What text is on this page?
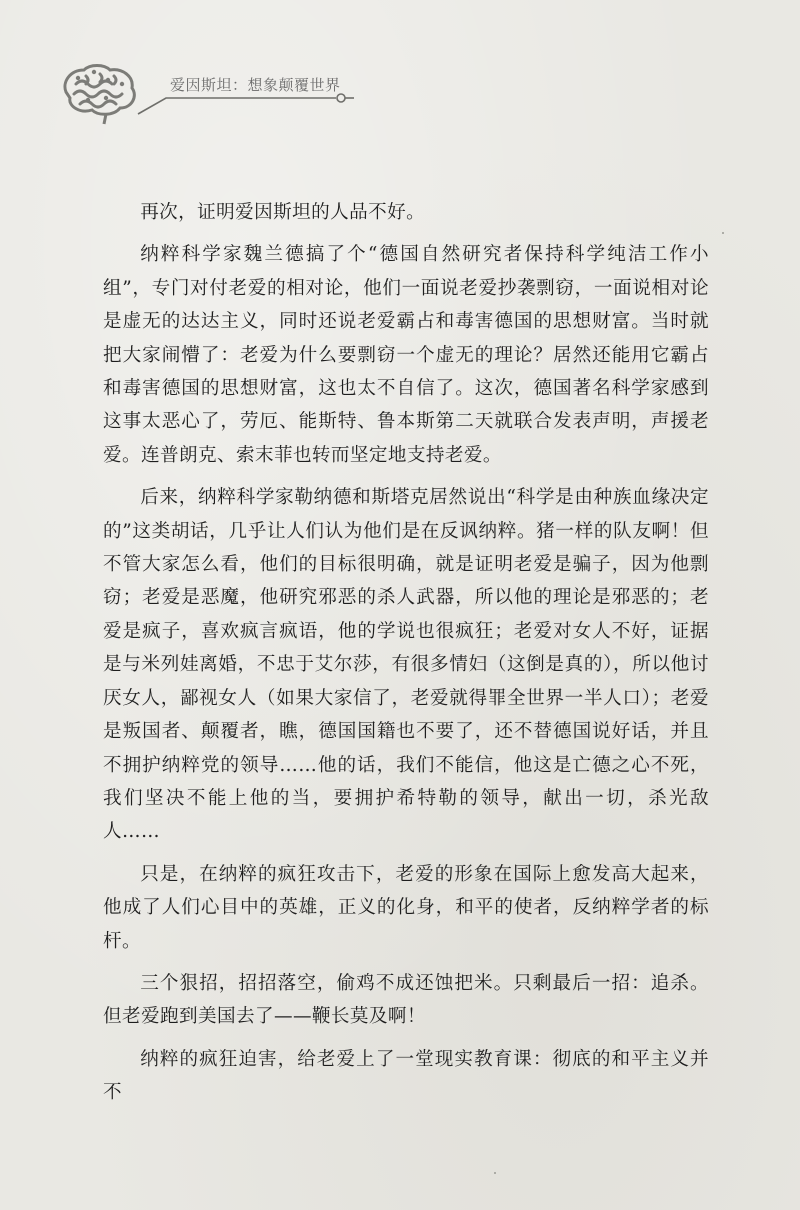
爱因斯坦：想象颠覆世界

再次，证明爱因斯坦的人品不好。

纳粹科学家魏兰德搞了个“德国自然研究者保持科学纯洁工作小组”，专门对付老爱的相对论，他们一面说老爱抄袭剽窃，一面说相对论是虚无的达达主义，同时还说老爱霸占和毒害德国的思想财富。当时就把大家闹懵了：老爱为什么要剽窃一个虚无的理论？居然还能用它霸占和毒害德国的思想财富，这也太不自信了。这次，德国著名科学家感到这事太恶心了，劳厄、能斯特、鲁本斯第二天就联合发表声明，声援老爱。连普朗克、索末菲也转而坚定地支持老爱。

后来，纳粹科学家勒纳德和斯塔克居然说出“科学是由种族血缘决定的”这类胡话，几乎让人们认为他们是在反讽纳粹。猪一样的队友啊！但不管大家怎么看，他们的目标很明确，就是证明老爱是骗子，因为他剽窃；老爱是恶魔，他研究邪恶的杀人武器，所以他的理论是邪恶的；老爱是疯子，喜欢疯言疯语，他的学说也很疯狂；老爱对女人不好，证据是与米列娃离婚，不忠于艾尔莎，有很多情妇（这倒是真的），所以他讨厌女人，鄙视女人（如果大家信了，老爱就得罪全世界一半人口）；老爱是叛国者、颠覆者，瞧，德国国籍也不要了，还不替德国说好话，并且不拥护纳粹党的领导……他的话，我们不能信，他这是亡德之心不死，我们坚决不能上他的当，要拥护希特勒的领导，献出一切，杀光敌人……

只是，在纳粹的疯狂攻击下，老爱的形象在国际上愈发高大起来，他成了人们心目中的英雄，正义的化身，和平的使者，反纳粹学者的标杆。

三个狠招，招招落空，偷鸡不成还蚀把米。只剩最后一招：追杀。但老爱跑到美国去了——鞭长莫及啊！

纳粹的疯狂迫害，给老爱上了一堂现实教育课：彻底的和平主义并不
